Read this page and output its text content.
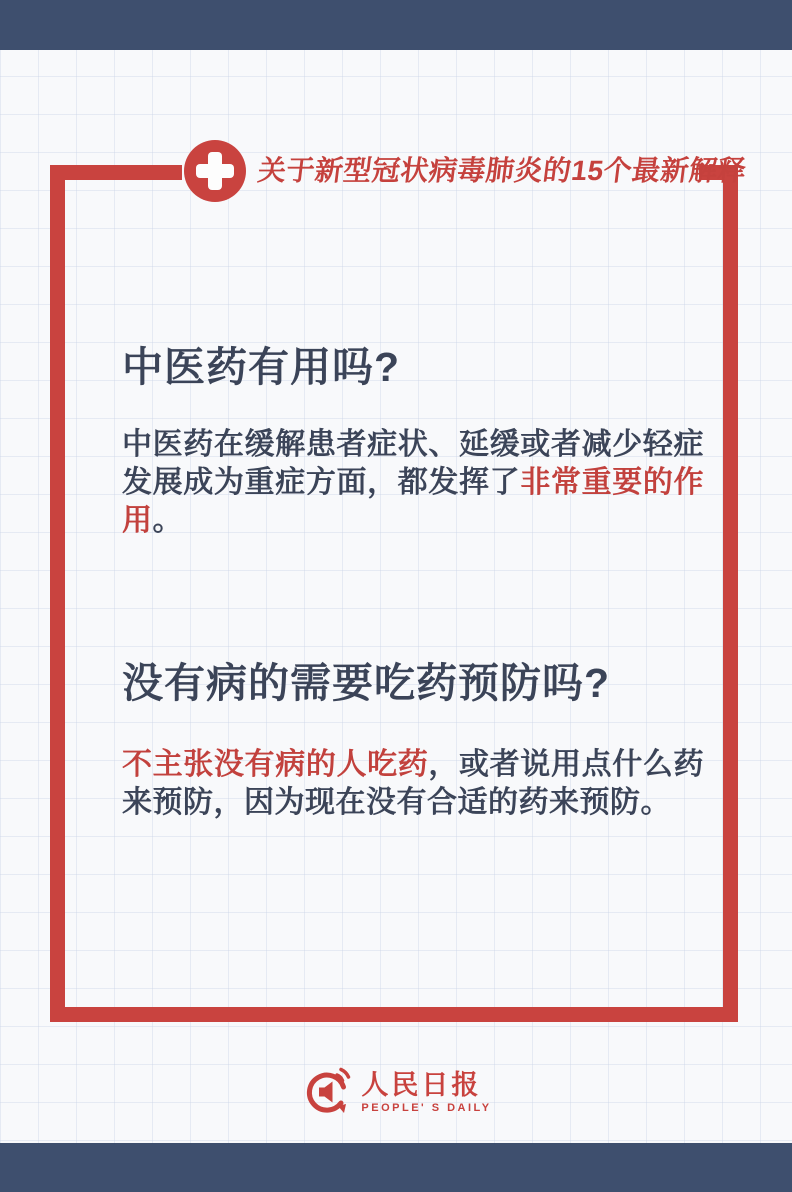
关于新型冠状病毒肺炎的15个最新解释
中医药有用吗?

中医药在缓解患者症状、延缓或者减少轻症发展成为重症方面，都发挥了非常重要的作用。

没有病的需要吃药预防吗?

不主张没有病的人吃药，或者说用点什么药来预防，因为现在没有合适的药来预防。

人民日报
PEOPLE' S DAILY
